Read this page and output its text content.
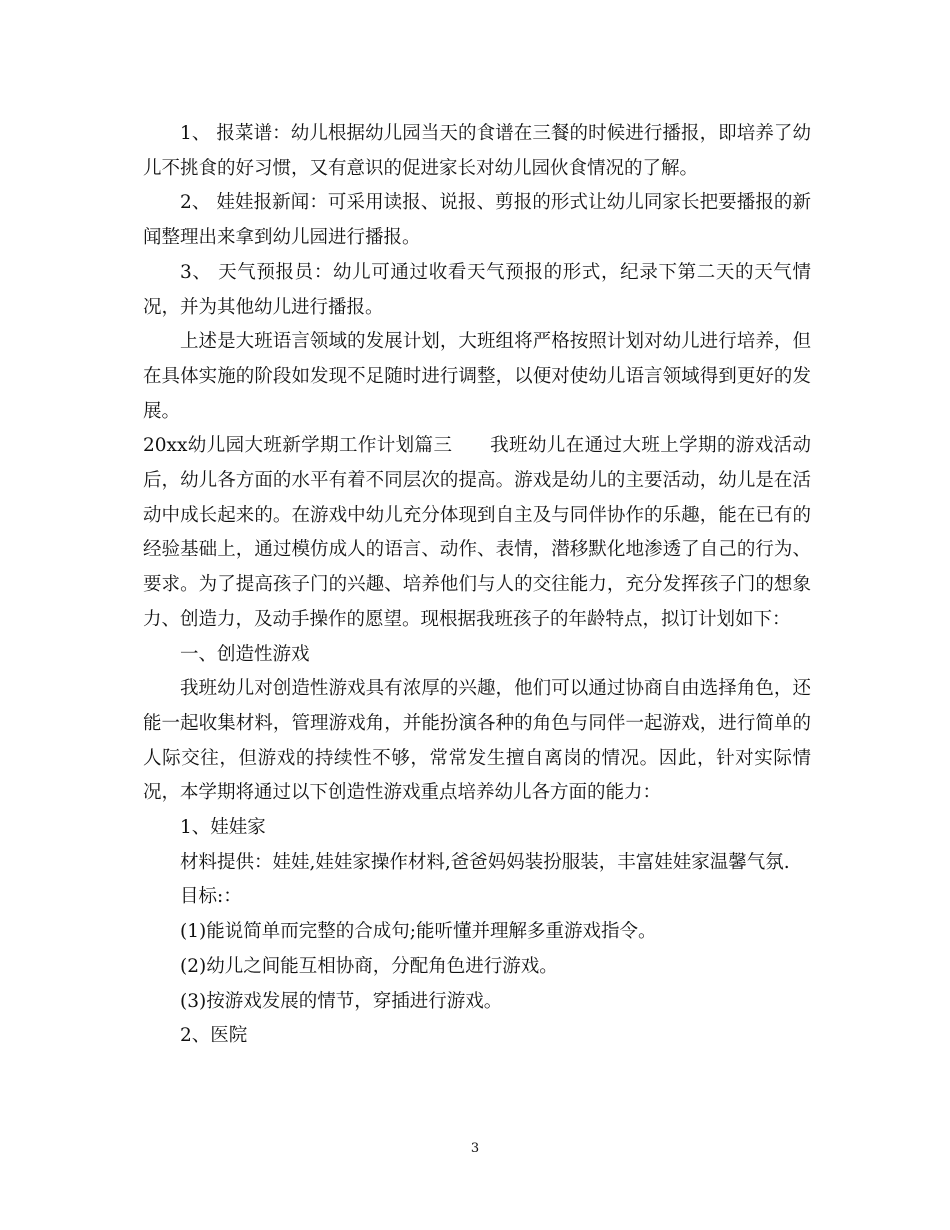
1、 报菜谱：幼儿根据幼儿园当天的食谱在三餐的时候进行播报，即培养了幼儿不挑食的好习惯，又有意识的促进家长对幼儿园伙食情况的了解。

2、 娃娃报新闻：可采用读报、说报、剪报的形式让幼儿同家长把要播报的新闻整理出来拿到幼儿园进行播报。

3、 天气预报员：幼儿可通过收看天气预报的形式，纪录下第二天的天气情况，并为其他幼儿进行播报。

上述是大班语言领域的发展计划，大班组将严格按照计划对幼儿进行培养，但在具体实施的阶段如发现不足随时进行调整，以便对使幼儿语言领域得到更好的发展。

20xx幼儿园大班新学期工作计划篇三　　我班幼儿在通过大班上学期的游戏活动后，幼儿各方面的水平有着不同层次的提高。游戏是幼儿的主要活动，幼儿是在活动中成长起来的。在游戏中幼儿充分体现到自主及与同伴协作的乐趣，能在已有的经验基础上，通过模仿成人的语言、动作、表情，潜移默化地渗透了自己的行为、要求。为了提高孩子门的兴趣、培养他们与人的交往能力，充分发挥孩子门的想象力、创造力，及动手操作的愿望。现根据我班孩子的年龄特点，拟订计划如下：

一、创造性游戏

我班幼儿对创造性游戏具有浓厚的兴趣，他们可以通过协商自由选择角色，还能一起收集材料，管理游戏角，并能扮演各种的角色与同伴一起游戏，进行简单的人际交往，但游戏的持续性不够，常常发生擅自离岗的情况。因此，针对实际情况，本学期将通过以下创造性游戏重点培养幼儿各方面的能力：

1、娃娃家

材料提供：娃娃,娃娃家操作材料,爸爸妈妈装扮服装，丰富娃娃家温馨气氛.

目标:：

(1)能说简单而完整的合成句;能听懂并理解多重游戏指令。

(2)幼儿之间能互相协商，分配角色进行游戏。

(3)按游戏发展的情节，穿插进行游戏。

2、医院

3
